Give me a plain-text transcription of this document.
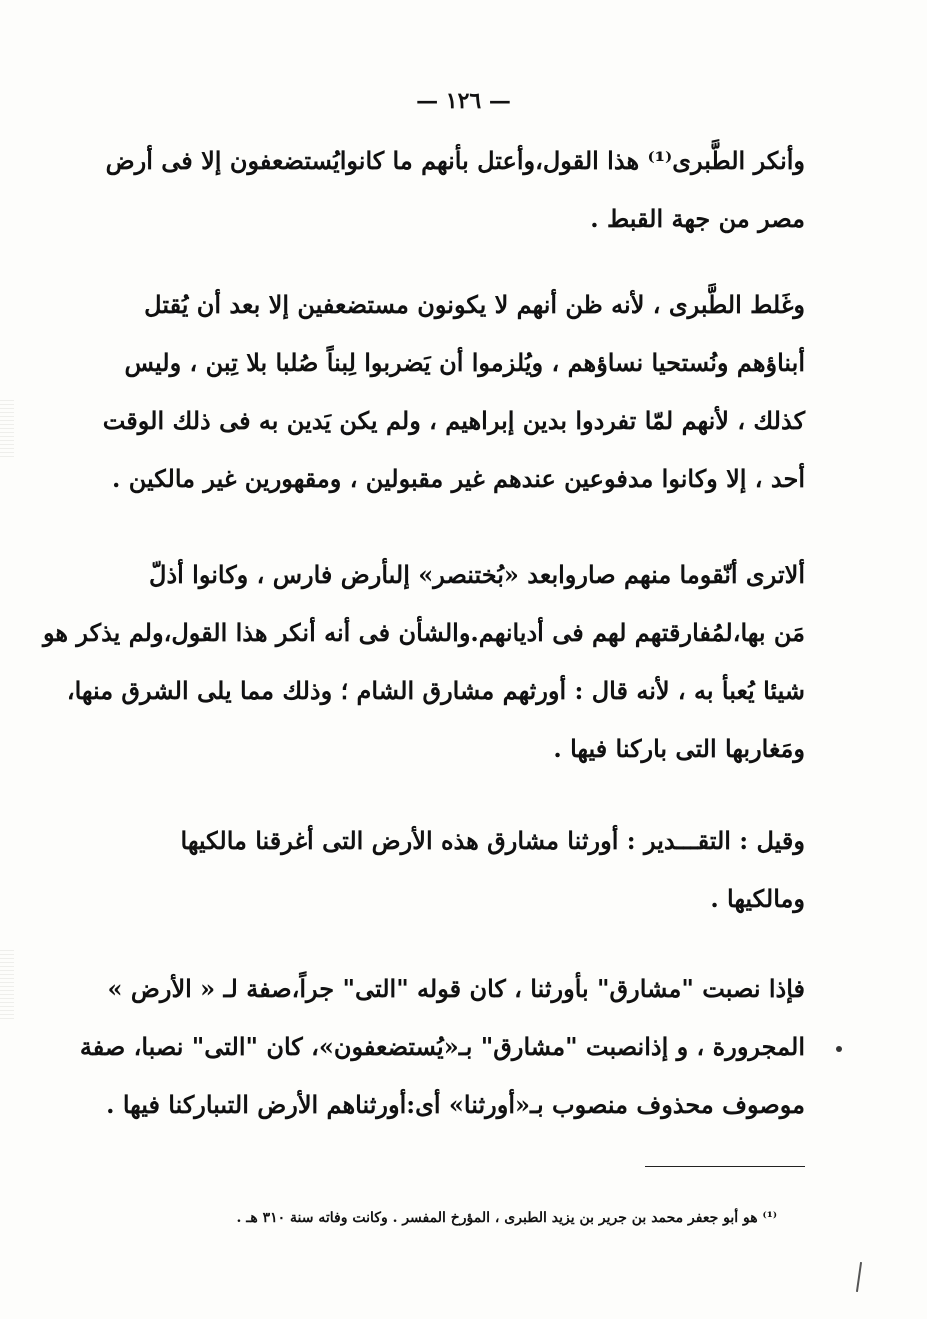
— ١٢٦ —
وأنكر الطَّبرى⁽¹⁾ هذا القول،وأعتل بأنهم ما كانوايُستضعفون إلا فى أرض
مصر من جهة القبط .
وغَلط الطَّبرى ، لأنه ظن أنهم لا يكونون مستضعفين إلا بعد أن يُقتل
أبناؤهم ونُستحيا نساؤهم ، ويُلزموا أن يَضربوا لِبناً صُلبا بلا تِبن ، وليس
كذلك ، لأنهم لمّا تفردوا بدين إبراهيم ، ولم يكن يَدين به فى ذلك الوقت
أحد ، إلا وكانوا مدفوعين عندهم غير مقبولين ، ومقهورين غير مالكين .
ألاترى أنّقوما منهم صاروابعد «بُختنصر» إلىأرض فارس ، وكانوا أذلّ
مَن بها،لمُفارقتهم لهم فى أديانهم.والشأن فى أنه أنكر هذا القول،ولم يذكر هو
شيئا يُعبأ به ، لأنه قال : أورثهم مشارق الشام ؛ وذلك مما يلى الشرق منها،
ومَغاربها التى باركنا فيها .
وقيل : التقـــدير : أورثنا مشارق هذه الأرض التى أغرقنا مالكيها
ومالكيها .
فإذا نصبت "مشارق" بأورثنا ، كان قوله "التى" جراً،صفة لـ « الأرض »
المجرورة ، و إذانصبت "مشارق" بـ«يُستضعفون»، كان "التى" نصبا، صفة
موصوف محذوف منصوب بـ«أورثنا» أى:أورثناهم الأرض التىباركنا فيها .
⁽¹⁾ هو أبو جعفر محمد بن جرير بن يزيد الطبرى ، المؤرخ المفسر . وكانت وفاته سنة ٣١٠ هـ .
